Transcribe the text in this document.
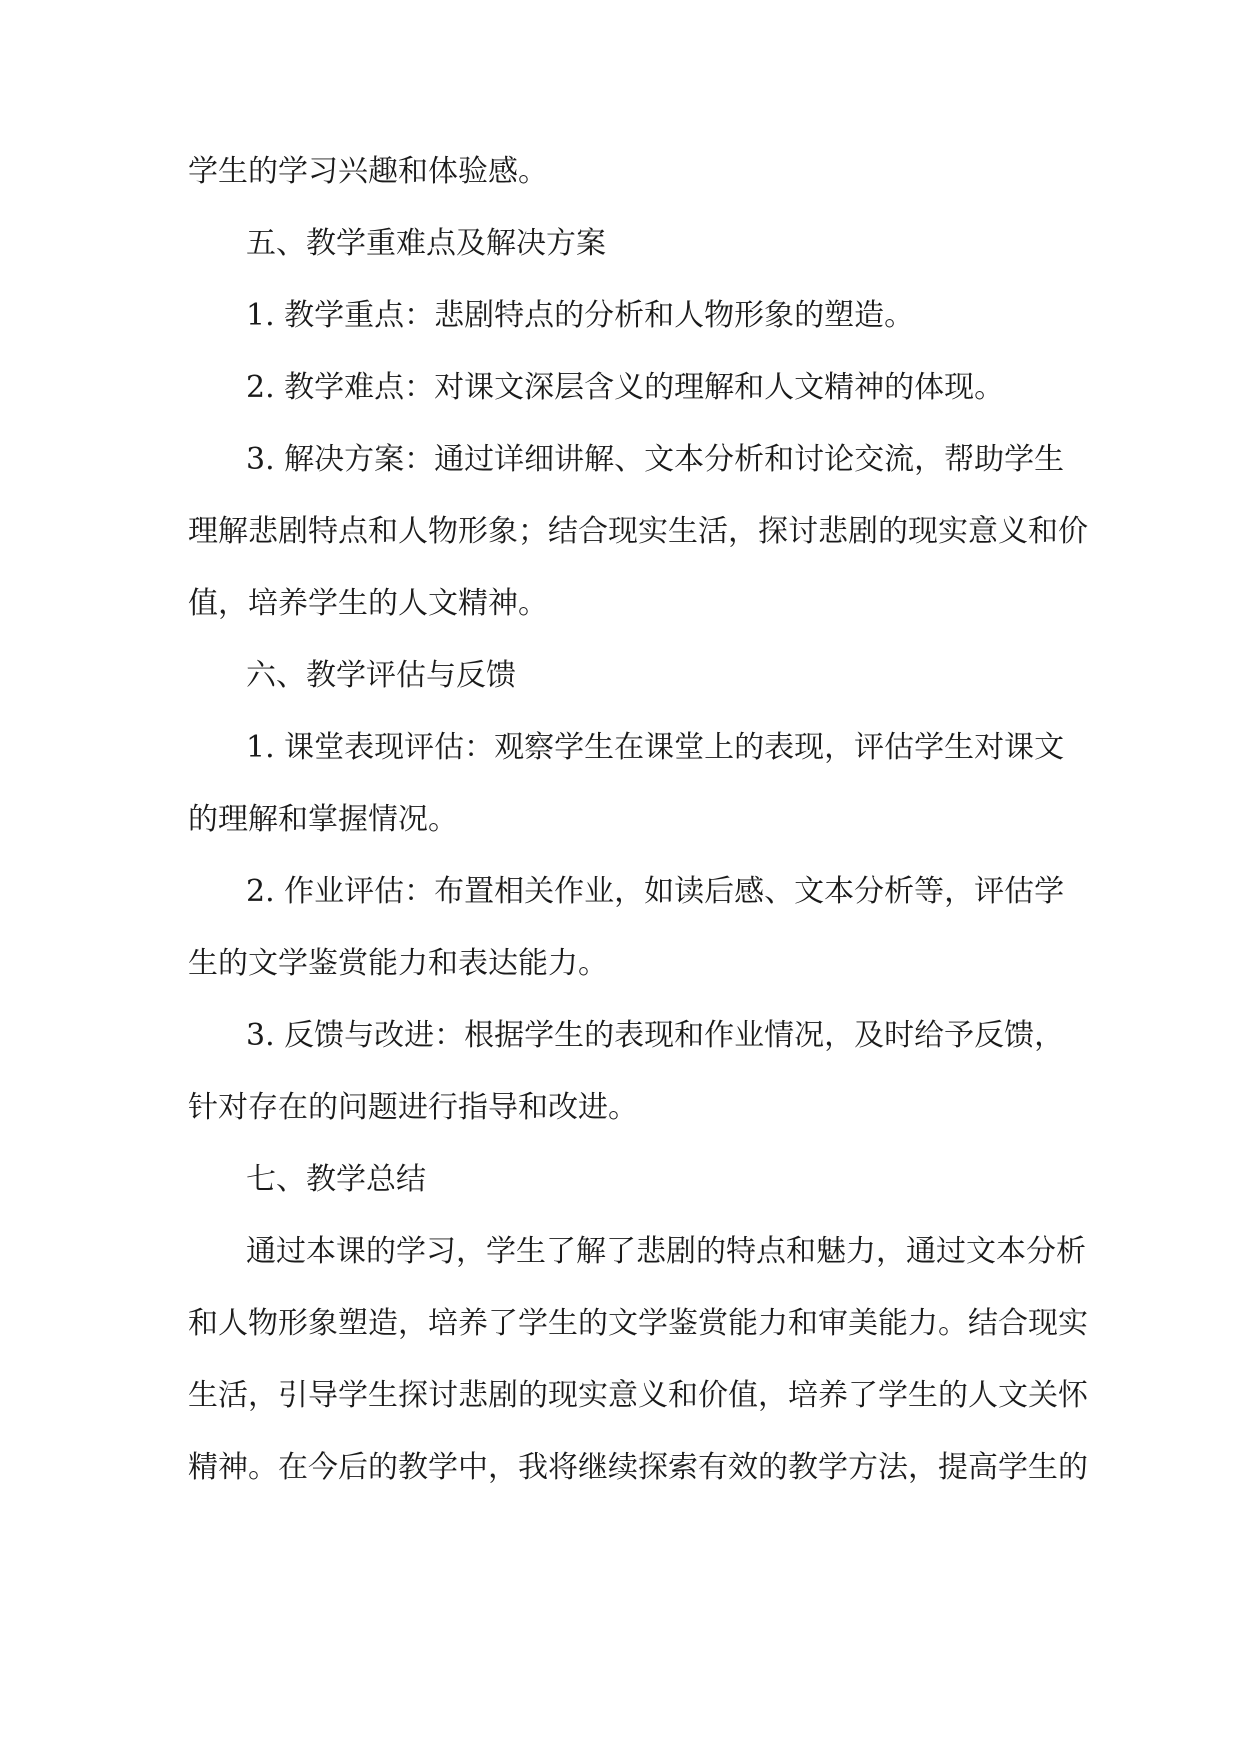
学生的学习兴趣和体验感。
五、教学重难点及解决方案
1. 教学重点：悲剧特点的分析和人物形象的塑造。
2. 教学难点：对课文深层含义的理解和人文精神的体现。
3. 解决方案：通过详细讲解、文本分析和讨论交流，帮助学生
理解悲剧特点和人物形象；结合现实生活，探讨悲剧的现实意义和价
值，培养学生的人文精神。
六、教学评估与反馈
1. 课堂表现评估：观察学生在课堂上的表现，评估学生对课文
的理解和掌握情况。
2. 作业评估：布置相关作业，如读后感、文本分析等，评估学
生的文学鉴赏能力和表达能力。
3. 反馈与改进：根据学生的表现和作业情况，及时给予反馈，
针对存在的问题进行指导和改进。
七、教学总结
通过本课的学习，学生了解了悲剧的特点和魅力，通过文本分析
和人物形象塑造，培养了学生的文学鉴赏能力和审美能力。结合现实
生活，引导学生探讨悲剧的现实意义和价值，培养了学生的人文关怀
精神。在今后的教学中，我将继续探索有效的教学方法，提高学生的
